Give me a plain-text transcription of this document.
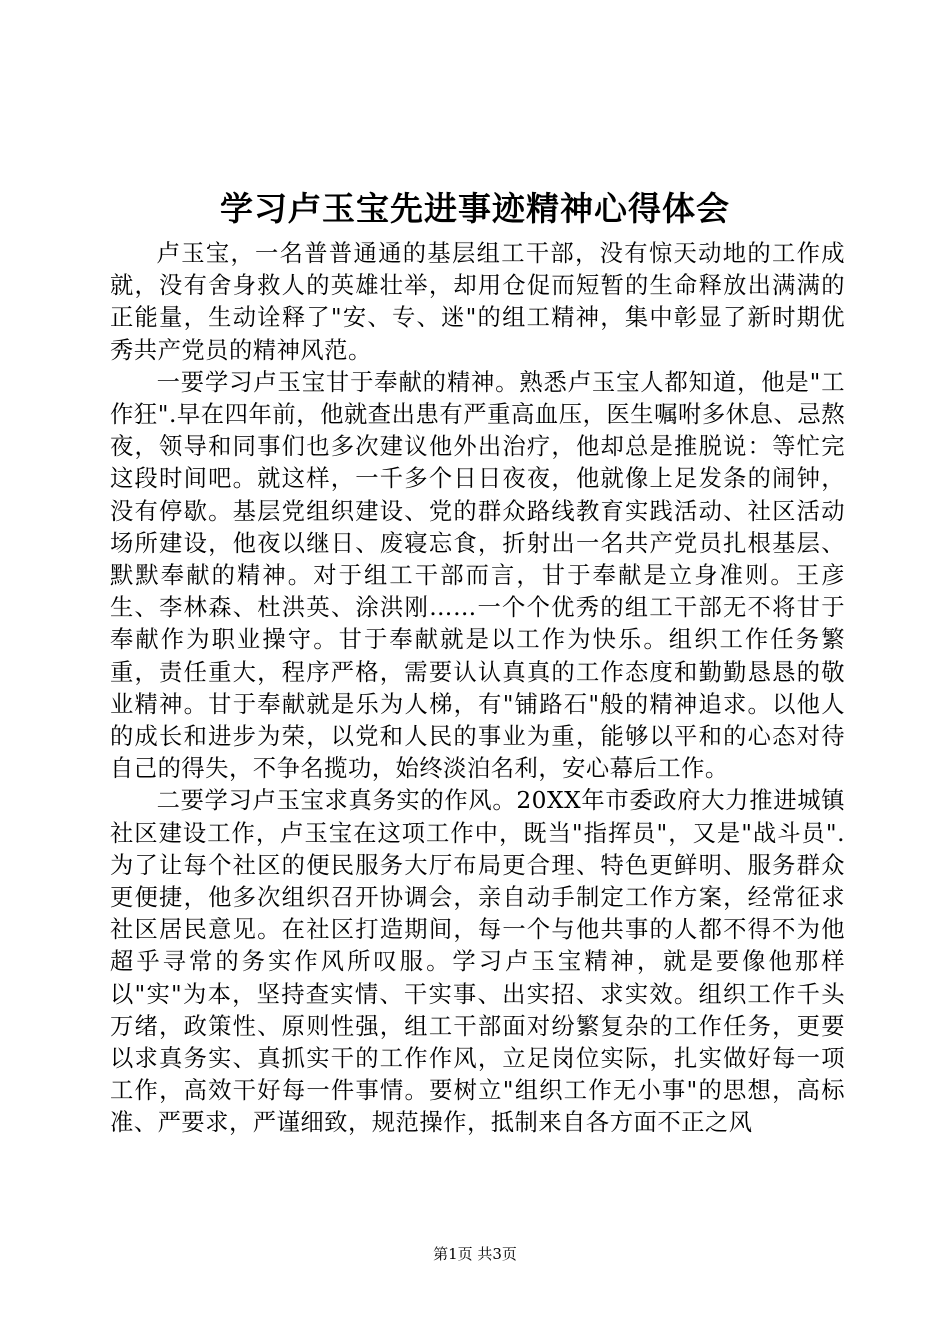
学习卢玉宝先进事迹精神心得体会

卢玉宝，一名普普通通的基层组工干部，没有惊天动地的工作成就，没有舍身救人的英雄壮举，却用仓促而短暂的生命释放出满满的正能量，生动诠释了"安、专、迷"的组工精神，集中彰显了新时期优秀共产党员的精神风范。

一要学习卢玉宝甘于奉献的精神。熟悉卢玉宝人都知道，他是"工作狂".早在四年前，他就查出患有严重高血压，医生嘱咐多休息、忌熬夜，领导和同事们也多次建议他外出治疗，他却总是推脱说：等忙完这段时间吧。就这样，一千多个日日夜夜，他就像上足发条的闹钟，没有停歇。基层党组织建设、党的群众路线教育实践活动、社区活动场所建设，他夜以继日、废寝忘食，折射出一名共产党员扎根基层、默默奉献的精神。对于组工干部而言，甘于奉献是立身准则。王彦生、李林森、杜洪英、涂洪刚……一个个优秀的组工干部无不将甘于奉献作为职业操守。甘于奉献就是以工作为快乐。组织工作任务繁重，责任重大，程序严格，需要认认真真的工作态度和勤勤恳恳的敬业精神。甘于奉献就是乐为人梯，有"铺路石"般的精神追求。以他人的成长和进步为荣，以党和人民的事业为重，能够以平和的心态对待自己的得失，不争名揽功，始终淡泊名利，安心幕后工作。

二要学习卢玉宝求真务实的作风。20XX年市委政府大力推进城镇社区建设工作，卢玉宝在这项工作中，既当"指挥员"，又是"战斗员".为了让每个社区的便民服务大厅布局更合理、特色更鲜明、服务群众更便捷，他多次组织召开协调会，亲自动手制定工作方案，经常征求社区居民意见。在社区打造期间，每一个与他共事的人都不得不为他超乎寻常的务实作风所叹服。学习卢玉宝精神，就是要像他那样以"实"为本，坚持查实情、干实事、出实招、求实效。组织工作千头万绪，政策性、原则性强，组工干部面对纷繁复杂的工作任务，更要以求真务实、真抓实干的工作作风，立足岗位实际，扎实做好每一项工作，高效干好每一件事情。要树立"组织工作无小事"的思想，高标准、严要求，严谨细致，规范操作，抵制来自各方面不正之风

第1页 共3页
